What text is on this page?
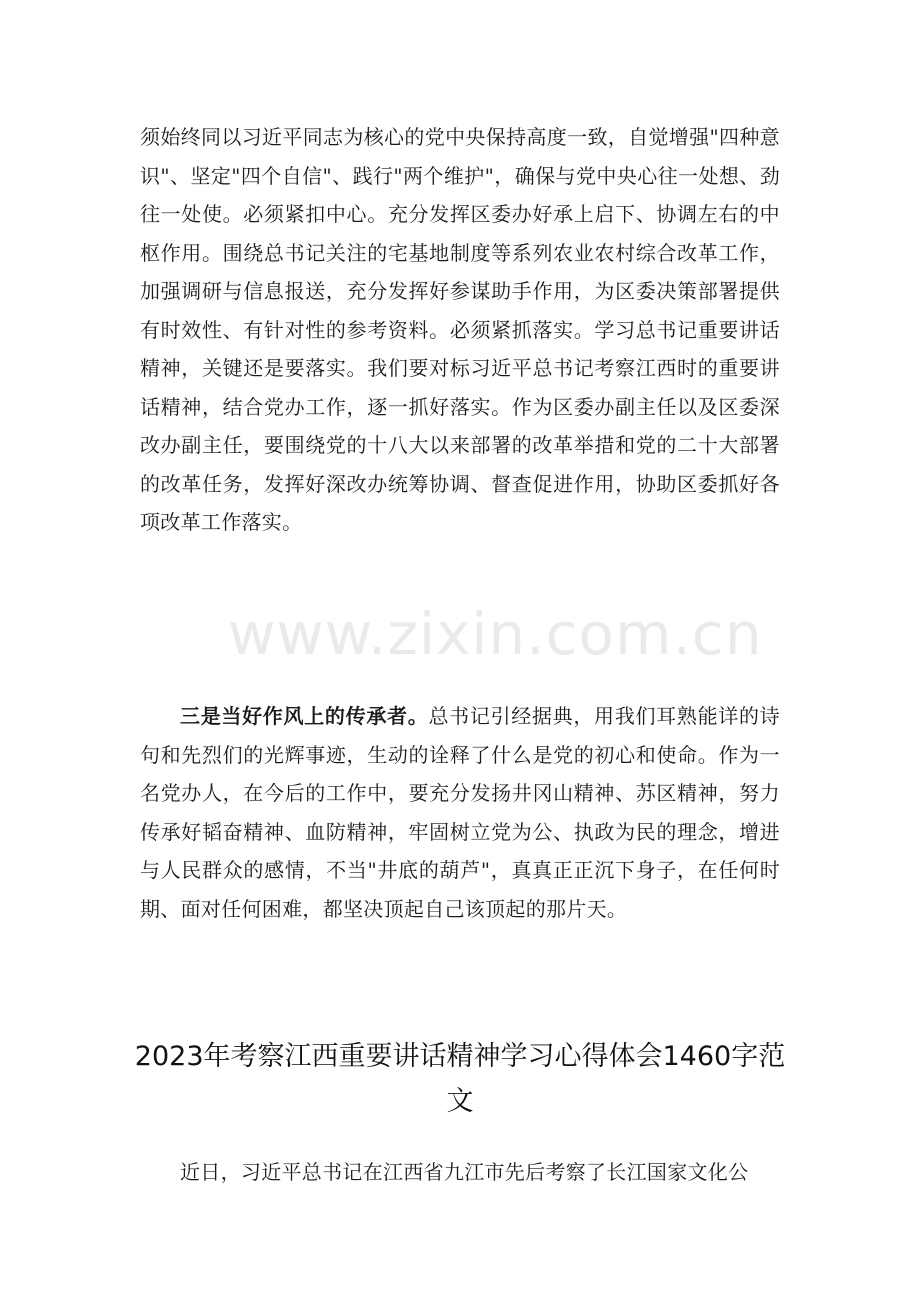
须始终同以习近平同志为核心的党中央保持高度一致，自觉增强"四种意识"、坚定"四个自信"、践行"两个维护"，确保与党中央心往一处想、劲往一处使。必须紧扣中心。充分发挥区委办好承上启下、协调左右的中枢作用。围绕总书记关注的宅基地制度等系列农业农村综合改革工作，加强调研与信息报送，充分发挥好参谋助手作用，为区委决策部署提供有时效性、有针对性的参考资料。必须紧抓落实。学习总书记重要讲话精神，关键还是要落实。我们要对标习近平总书记考察江西时的重要讲话精神，结合党办工作，逐一抓好落实。作为区委办副主任以及区委深改办副主任，要围绕党的十八大以来部署的改革举措和党的二十大部署的改革任务，发挥好深改办统筹协调、督查促进作用，协助区委抓好各项改革工作落实。
www.zixin.com.cn
三是当好作风上的传承者。总书记引经据典，用我们耳熟能详的诗句和先烈们的光辉事迹，生动的诠释了什么是党的初心和使命。作为一名党办人，在今后的工作中，要充分发扬井冈山精神、苏区精神，努力传承好韬奋精神、血防精神，牢固树立党为公、执政为民的理念，增进与人民群众的感情，不当"井底的葫芦"，真真正正沉下身子，在任何时期、面对任何困难，都坚决顶起自己该顶起的那片天。
2023年考察江西重要讲话精神学习心得体会1460字范文
近日，习近平总书记在江西省九江市先后考察了长江国家文化公
